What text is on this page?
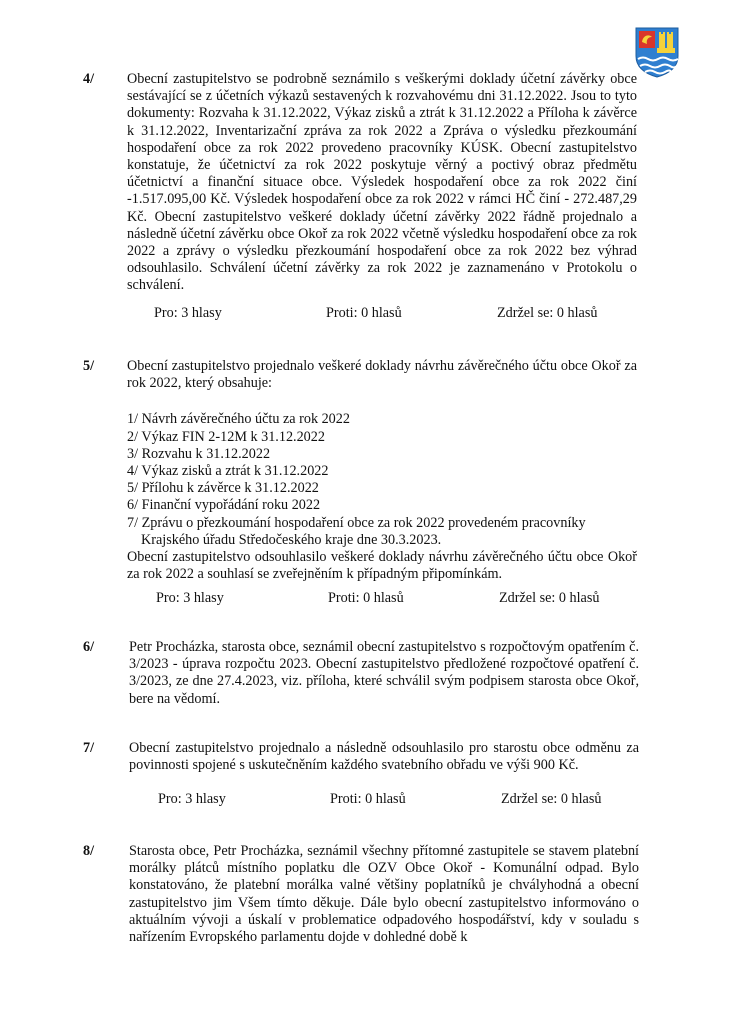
4/ Obecní zastupitelstvo se podrobně seznámilo s veškerými doklady účetní závěrky obce sestávající se z účetních výkazů sestavených k rozvahovému dni 31.12.2022. Jsou to tyto dokumenty: Rozvaha k 31.12.2022, Výkaz zisků a ztrát k 31.12.2022 a Příloha k závěrce k 31.12.2022, Inventarizační zpráva za rok 2022 a Zpráva o výsledku přezkoumání hospodaření obce za rok 2022 provedeno pracovníky KÚSK. Obecní zastupitelstvo konstatuje, že účetnictví za rok 2022 poskytuje věrný a poctivý obraz předmětu účetnictví a finanční situace obce. Výsledek hospodaření obce za rok 2022 činí -1.517.095,00 Kč. Výsledek hospodaření obce za rok 2022 v rámci HČ činí - 272.487,29 Kč. Obecní zastupitelstvo veškeré doklady účetní závěrky 2022 řádně projednalo a následně účetní závěrku obce Okoř za rok 2022 včetně výsledku hospodaření obce za rok 2022 a zprávy o výsledku přezkoumání hospodaření obce za rok 2022 bez výhrad odsouhlasilo. Schválení účetní závěrky za rok 2022 je zaznamenáno v Protokolu o schválení.

Pro: 3 hlasy	Proti: 0 hlasů	Zdržel se: 0 hlasů
5/ Obecní zastupitelstvo projednalo veškeré doklady návrhu závěrečného účtu obce Okoř za rok 2022, který obsahuje:

1/ Návrh závěrečného účtu za rok 2022
2/ Výkaz FIN 2-12M k 31.12.2022
3/ Rozvahu k 31.12.2022
4/ Výkaz zisků a ztrát k 31.12.2022
5/ Přílohu k závěrce k 31.12.2022
6/ Finanční vypořádání roku 2022
7/ Zprávu o přezkoumání hospodaření obce za rok 2022 provedeném pracovníky
Krajského úřadu Středočeského kraje dne 30.3.2023.

Obecní zastupitelstvo odsouhlasilo veškeré doklady návrhu závěrečného účtu obce Okoř za rok 2022 a souhlasí se zveřejněním k případným připomínkám.

Pro: 3 hlasy	Proti: 0 hlasů	Zdržel se: 0 hlasů
6/ Petr Procházka, starosta obce, seznámil obecní zastupitelstvo s rozpočtovým opatřením č. 3/2023 - úprava rozpočtu 2023. Obecní zastupitelstvo předložené rozpočtové opatření č. 3/2023, ze dne 27.4.2023, viz. příloha, které schválil svým podpisem starosta obce Okoř, bere na vědomí.

7/ Obecní zastupitelstvo projednalo a následně odsouhlasilo pro starostu obce odměnu za povinnosti spojené s uskutečněním každého svatebního obřadu ve výši 900 Kč.

Pro: 3 hlasy	Proti: 0 hlasů	Zdržel se: 0 hlasů
8/ Starosta obce, Petr Procházka, seznámil všechny přítomné zastupitele se stavem platební morálky plátců místního poplatku dle OZV Obce Okoř - Komunální odpad. Bylo konstatováno, že platební morálka valné většiny poplatníků je chvályhodná a obecní zastupitelstvo jim Všem tímto děkuje. Dále bylo obecní zastupitelstvo informováno o aktuálním vývoji a úskalí v problematice odpadového hospodářství, kdy v souladu s nařízením Evropského parlamentu dojde v dohledné době k
